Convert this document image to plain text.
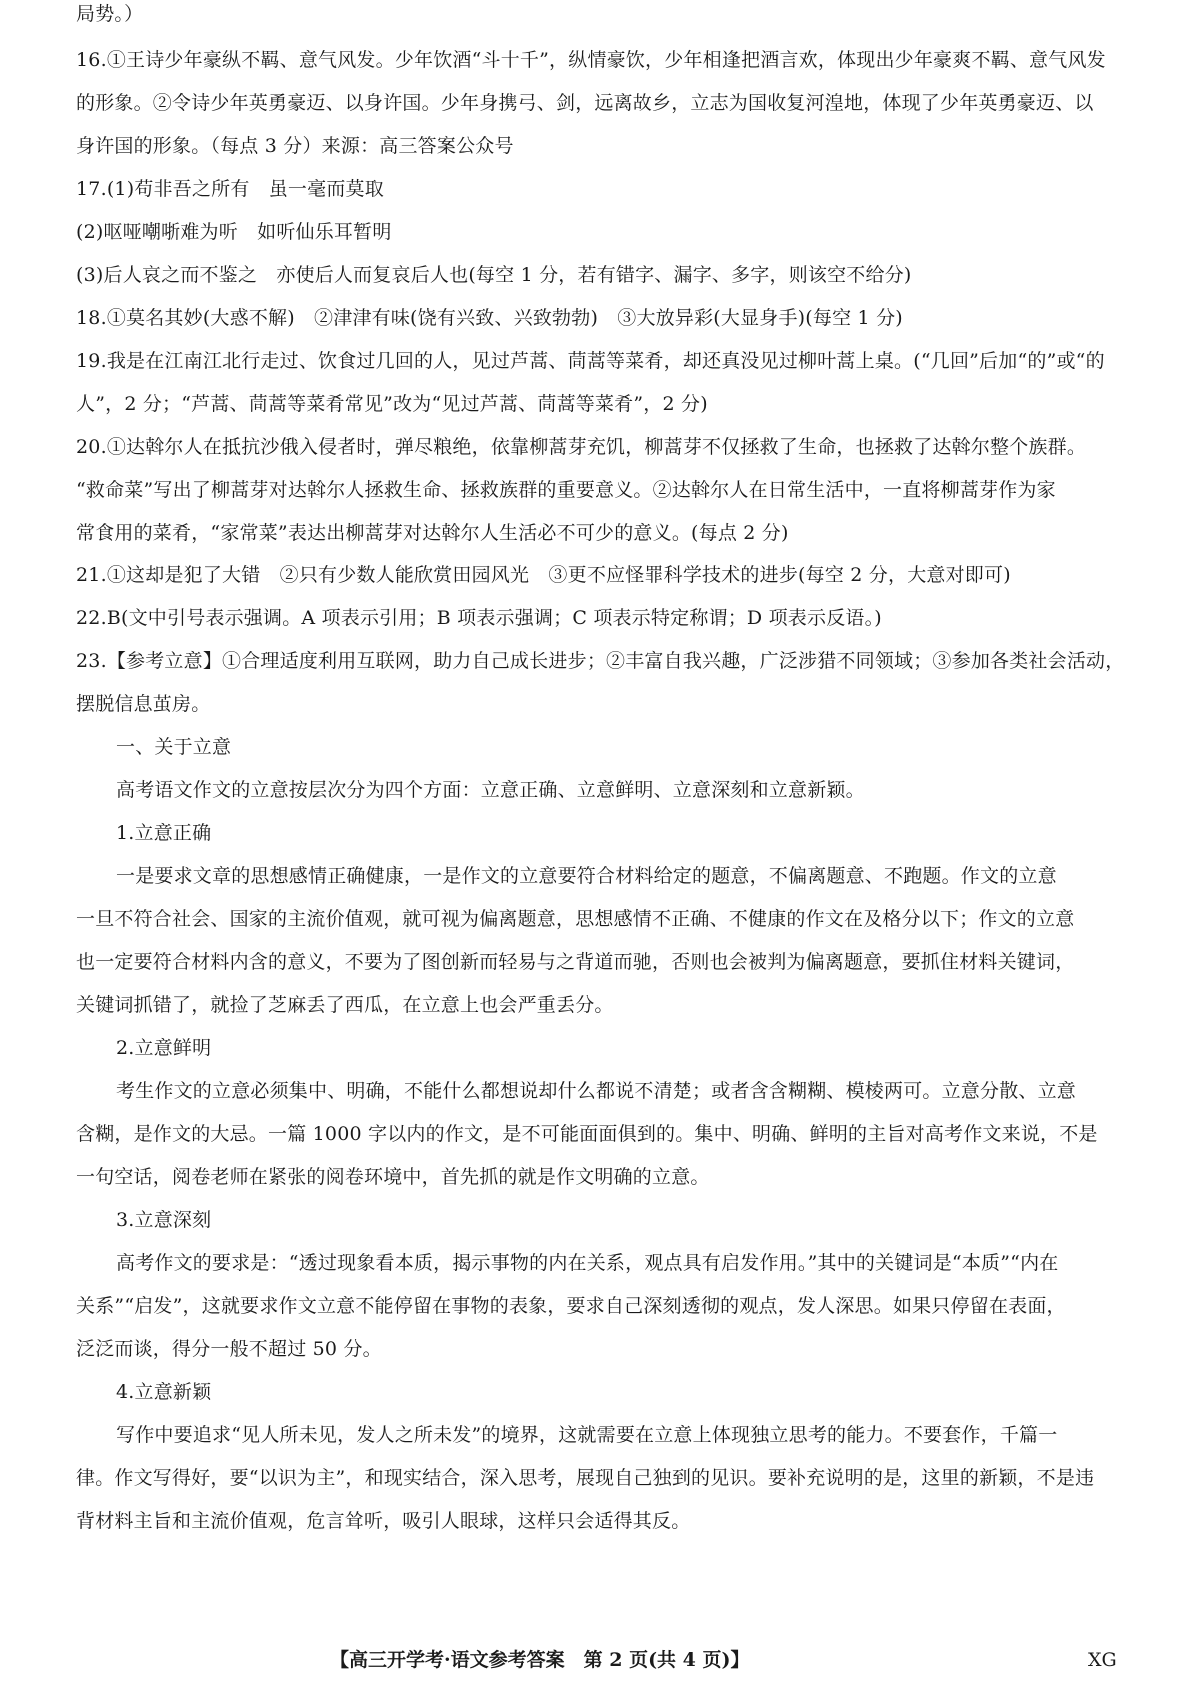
局势。）
16.①王诗少年豪纵不羁、意气风发。少年饮酒“斗十千”，纵情豪饮，少年相逢把酒言欢，体现出少年豪爽不羁、意气风发
的形象。②令诗少年英勇豪迈、以身许国。少年身携弓、剑，远离故乡，立志为国收复河湟地，体现了少年英勇豪迈、以
身许国的形象。（每点 3 分）来源：高三答案公众号
17.(1)苟非吾之所有　虽一毫而莫取
(2)呕哑嘲哳难为听　如听仙乐耳暂明
(3)后人哀之而不鉴之　亦使后人而复哀后人也(每空 1 分，若有错字、漏字、多字，则该空不给分)
18.①莫名其妙(大惑不解)　②津津有味(饶有兴致、兴致勃勃)　③大放异彩(大显身手)(每空 1 分)
19.我是在江南江北行走过、饮食过几回的人，见过芦蒿、茼蒿等菜肴，却还真没见过柳叶蒿上桌。(“几回”后加“的”或“的
人”，2 分；“芦蒿、茼蒿等菜肴常见”改为“见过芦蒿、茼蒿等菜肴”，2 分)
20.①达斡尔人在抵抗沙俄入侵者时，弹尽粮绝，依靠柳蒿芽充饥，柳蒿芽不仅拯救了生命，也拯救了达斡尔整个族群。
“救命菜”写出了柳蒿芽对达斡尔人拯救生命、拯救族群的重要意义。②达斡尔人在日常生活中，一直将柳蒿芽作为家
常食用的菜肴，“家常菜”表达出柳蒿芽对达斡尔人生活必不可少的意义。(每点 2 分)
21.①这却是犯了大错　②只有少数人能欣赏田园风光　③更不应怪罪科学技术的进步(每空 2 分，大意对即可)
22.B(文中引号表示强调。A 项表示引用；B 项表示强调；C 项表示特定称谓；D 项表示反语。)
23.【参考立意】①合理适度利用互联网，助力自己成长进步；②丰富自我兴趣，广泛涉猎不同领域；③参加各类社会活动，
摆脱信息茧房。
一、关于立意
高考语文作文的立意按层次分为四个方面：立意正确、立意鲜明、立意深刻和立意新颖。
1.立意正确
一是要求文章的思想感情正确健康，一是作文的立意要符合材料给定的题意，不偏离题意、不跑题。作文的立意
一旦不符合社会、国家的主流价值观，就可视为偏离题意，思想感情不正确、不健康的作文在及格分以下；作文的立意
也一定要符合材料内含的意义，不要为了图创新而轻易与之背道而驰，否则也会被判为偏离题意，要抓住材料关键词，
关键词抓错了，就捡了芝麻丢了西瓜，在立意上也会严重丢分。
2.立意鲜明
考生作文的立意必须集中、明确，不能什么都想说却什么都说不清楚；或者含含糊糊、模棱两可。立意分散、立意
含糊，是作文的大忌。一篇 1000 字以内的作文，是不可能面面俱到的。集中、明确、鲜明的主旨对高考作文来说，不是
一句空话，阅卷老师在紧张的阅卷环境中，首先抓的就是作文明确的立意。
3.立意深刻
高考作文的要求是：“透过现象看本质，揭示事物的内在关系，观点具有启发作用。”其中的关键词是“本质”“内在
关系”“启发”，这就要求作文立意不能停留在事物的表象，要求自己深刻透彻的观点，发人深思。如果只停留在表面，
泛泛而谈，得分一般不超过 50 分。
4.立意新颖
写作中要追求“见人所未见，发人之所未发”的境界，这就需要在立意上体现独立思考的能力。不要套作，千篇一
律。作文写得好，要“以识为主”，和现实结合，深入思考，展现自己独到的见识。要补充说明的是，这里的新颖，不是违
背材料主旨和主流价值观，危言耸听，吸引人眼球，这样只会适得其反。
【高三开学考·语文参考答案　第 2 页(共 4 页)】	XG
